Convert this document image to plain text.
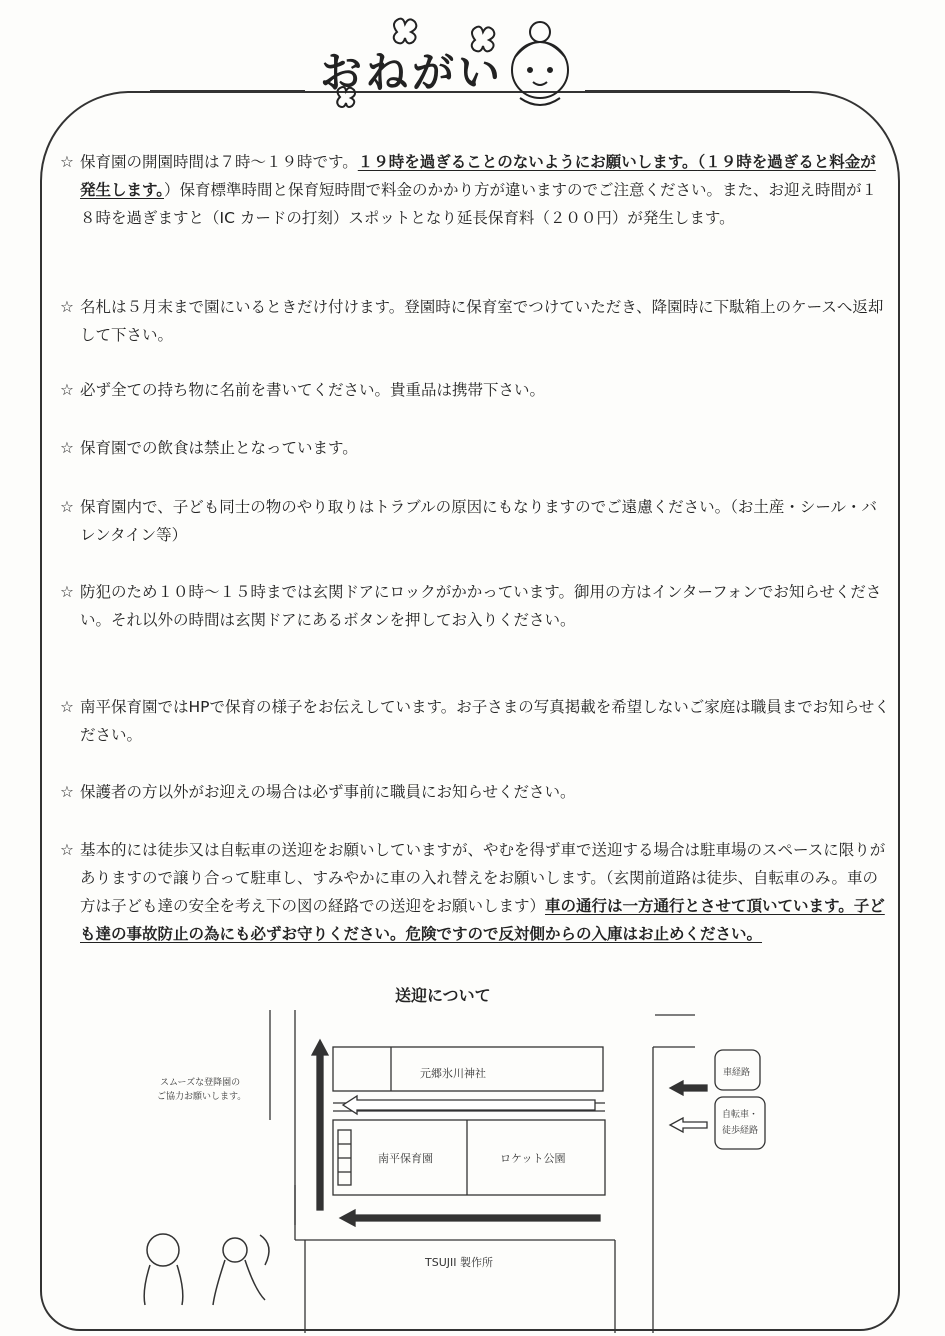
おねがい
☆ 保育園の開園時間は７時～１９時です。１９時を過ぎることのないようにお願いします。（１９時を過ぎると料金が発生します。）保育標準時間と保育短時間で料金のかかり方が違いますのでご注意ください。また、お迎え時間が１８時を過ぎますと（IC カードの打刻）スポットとなり延長保育料（２００円）が発生します。
☆ 名札は５月末まで園にいるときだけ付けます。登園時に保育室でつけていただき、降園時に下駄箱上のケースへ返却して下さい。
☆ 必ず全ての持ち物に名前を書いてください。貴重品は携帯下さい。
☆ 保育園での飲食は禁止となっています。
☆ 保育園内で、子ども同士の物のやり取りはトラブルの原因にもなりますのでご遠慮ください。（お土産・シール・バレンタイン等）
☆ 防犯のため１０時～１５時までは玄関ドアにロックがかかっています。御用の方はインターフォンでお知らせください。それ以外の時間は玄関ドアにあるボタンを押してお入りください。
☆ 南平保育園ではHPで保育の様子をお伝えしています。お子さまの写真掲載を希望しないご家庭は職員までお知らせください。
☆ 保護者の方以外がお迎えの場合は必ず事前に職員にお知らせください。
☆ 基本的には徒歩又は自転車の送迎をお願いしていますが、やむを得ず車で送迎する場合は駐車場のスペースに限りがありますので譲り合って駐車し、すみやかに車の入れ替えをお願いします。（玄関前道路は徒歩、自転車のみ。車の方は子ども達の安全を考え下の図の経路での送迎をお願いします）車の通行は一方通行とさせて頂いています。子ども達の事故防止の為にも必ずお守りください。危険ですので反対側からの入庫はお止めください。
送迎について
元郷氷川神社
南平保育園	ロケット公園
TSUJII 製作所
スムーズな登降園の
ご協力お願いします。
車経路
自転車・
徒歩経路
